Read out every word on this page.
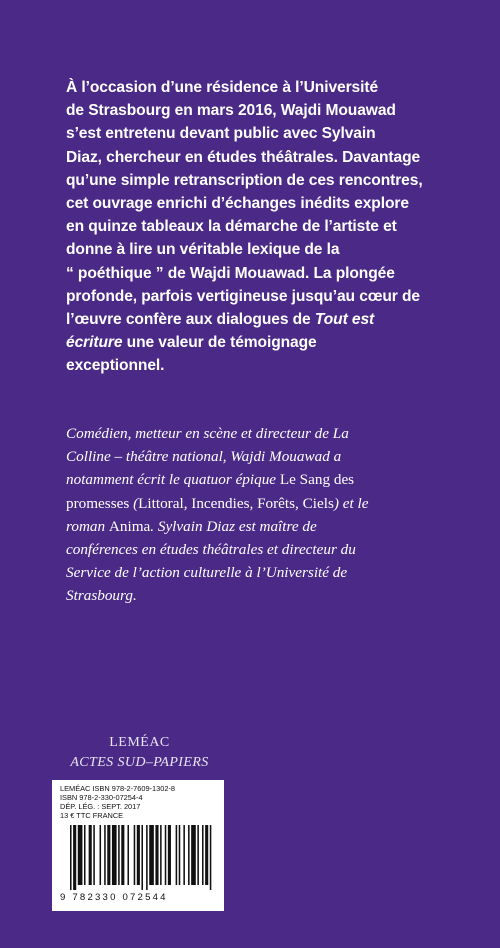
À l’occasion d’une résidence à l’Université
de Strasbourg en mars 2016, Wajdi Mouawad
s’est entretenu devant public avec Sylvain
Diaz, chercheur en études théâtrales. Davantage
qu’une simple retranscription de ces rencontres,
cet ouvrage enrichi d’échanges inédits explore
en quinze tableaux la démarche de l’artiste et
donne à lire un véritable lexique de la
“ poéthique ” de Wajdi Mouawad. La plongée
profonde, parfois vertigineuse jusqu’au cœur de
l’œuvre confère aux dialogues de Tout est
écriture une valeur de témoignage
exceptionnel.
Comédien, metteur en scène et directeur de La
Colline – théâtre national, Wajdi Mouawad a
notamment écrit le quatuor épique Le Sang des
promesses (Littoral, Incendies, Forêts, Ciels) et le
roman Anima. Sylvain Diaz est maître de
conférences en études théâtrales et directeur du
Service de l’action culturelle à l’Université de
Strasbourg.
LEMÉAC
ACTES SUD–PAPIERS
LEMÉAC ISBN 978-2-7609-1302-8
ISBN 978-2-330-07254-4
DÉP. LÉG. : SEPT. 2017
13 € TTC FRANCE
9 782330 072544
